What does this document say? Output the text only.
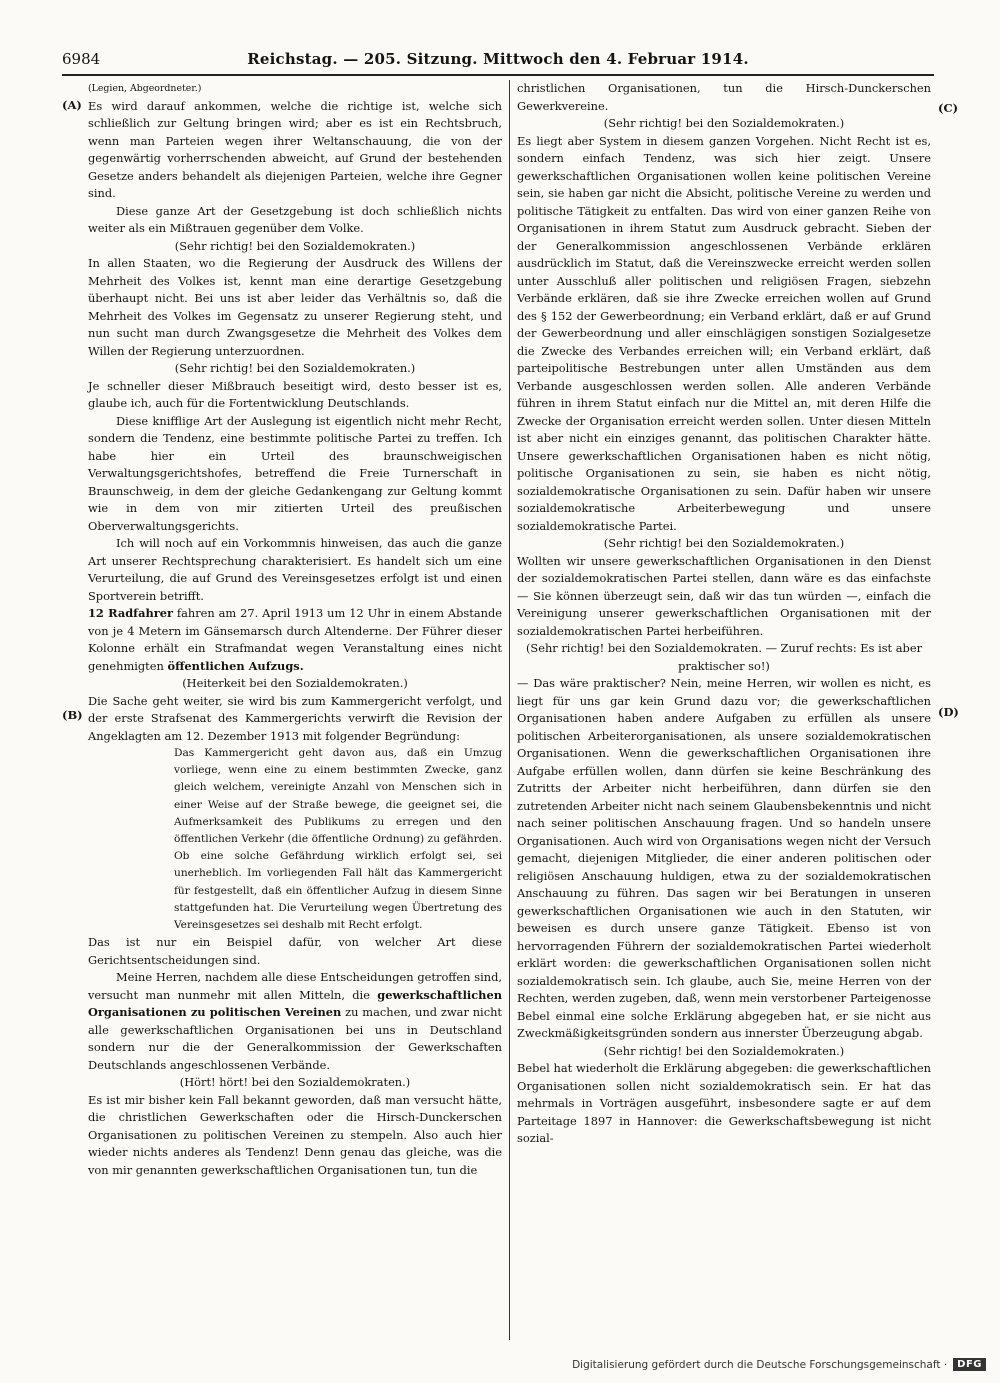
6984	Reichstag. — 205. Sitzung. Mittwoch den 4. Februar 1914.
(A)
(B)
(C)
(D)

(Legien, Abgeordneter.)

Es wird darauf ankommen, welche die richtige ist, welche sich schließlich zur Geltung bringen wird; aber es ist ein Rechtsbruch, wenn man Parteien wegen ihrer Weltanschauung, die von der gegenwärtig vorherrschenden abweicht, auf Grund der bestehenden Gesetze anders behandelt als diejenigen Parteien, welche ihre Gegner sind.

Diese ganze Art der Gesetzgebung ist doch schließlich nichts weiter als ein Mißtrauen gegenüber dem Volke.

(Sehr richtig! bei den Sozialdemokraten.)

In allen Staaten, wo die Regierung der Ausdruck des Willens der Mehrheit des Volkes ist, kennt man eine derartige Gesetzgebung überhaupt nicht. Bei uns ist aber leider das Verhältnis so, daß die Mehrheit des Volkes im Gegensatz zu unserer Regierung steht, und nun sucht man durch Zwangsgesetze die Mehrheit des Volkes dem Willen der Regierung unterzuordnen.

(Sehr richtig! bei den Sozialdemokraten.)

Je schneller dieser Mißbrauch beseitigt wird, desto besser ist es, glaube ich, auch für die Fortentwicklung Deutschlands.

Diese knifflige Art der Auslegung ist eigentlich nicht mehr Recht, sondern die Tendenz, eine bestimmte politische Partei zu treffen. Ich habe hier ein Urteil des braunschweigischen Verwaltungsgerichtshofes, betreffend die Freie Turnerschaft in Braunschweig, in dem der gleiche Gedankengang zur Geltung kommt wie in dem von mir zitierten Urteil des preußischen Oberverwaltungsgerichts.

Ich will noch auf ein Vorkommnis hinweisen, das auch die ganze Art unserer Rechtsprechung charakterisiert. Es handelt sich um eine Verurteilung, die auf Grund des Vereinsgesetzes erfolgt ist und einen Sportverein betrifft.

12 Radfahrer fahren am 27. April 1913 um 12 Uhr in einem Abstande von je 4 Metern im Gänsemarsch durch Altenderne. Der Führer dieser Kolonne erhält ein Strafmandat wegen Veranstaltung eines nicht genehmigten öffentlichen Aufzugs.

(Heiterkeit bei den Sozialdemokraten.)

Die Sache geht weiter, sie wird bis zum Kammergericht verfolgt, und der erste Strafsenat des Kammergerichts verwirft die Revision der Angeklagten am 12. Dezember 1913 mit folgender Begründung:

Das Kammergericht geht davon aus, daß ein Umzug vorliege, wenn eine zu einem bestimmten Zwecke, ganz gleich welchem, vereinigte Anzahl von Menschen sich in einer Weise auf der Straße bewege, die geeignet sei, die Aufmerksamkeit des Publikums zu erregen und den öffentlichen Verkehr (die öffentliche Ordnung) zu gefährden. Ob eine solche Gefährdung wirklich erfolgt sei, sei unerheblich. Im vorliegenden Fall hält das Kammergericht für festgestellt, daß ein öffentlicher Aufzug in diesem Sinne stattgefunden hat. Die Verurteilung wegen Übertretung des Vereinsgesetzes sei deshalb mit Recht erfolgt.

Das ist nur ein Beispiel dafür, von welcher Art diese Gerichtsentscheidungen sind.

Meine Herren, nachdem alle diese Entscheidungen getroffen sind, versucht man nunmehr mit allen Mitteln, die gewerkschaftlichen Organisationen zu politischen Vereinen zu machen, und zwar nicht alle gewerkschaftlichen Organisationen bei uns in Deutschland sondern nur die der Generalkommission der Gewerkschaften Deutschlands angeschlossenen Verbände.

(Hört! hört! bei den Sozialdemokraten.)

Es ist mir bisher kein Fall bekannt geworden, daß man versucht hätte, die christlichen Gewerkschaften oder die Hirsch-Dunckerschen Organisationen zu politischen Vereinen zu stempeln. Also auch hier wieder nichts anderes als Tendenz! Denn genau das gleiche, was die von mir genannten gewerkschaftlichen Organisationen tun, tun die

christlichen Organisationen, tun die Hirsch-Dunckerschen Gewerkvereine.

(Sehr richtig! bei den Sozialdemokraten.)

Es liegt aber System in diesem ganzen Vorgehen. Nicht Recht ist es, sondern einfach Tendenz, was sich hier zeigt. Unsere gewerkschaftlichen Organisationen wollen keine politischen Vereine sein, sie haben gar nicht die Absicht, politische Vereine zu werden und politische Tätigkeit zu entfalten. Das wird von einer ganzen Reihe von Organisationen in ihrem Statut zum Ausdruck gebracht. Sieben der der Generalkommission angeschlossenen Verbände erklären ausdrücklich im Statut, daß die Vereinszwecke erreicht werden sollen unter Ausschluß aller politischen und religiösen Fragen, siebzehn Verbände erklären, daß sie ihre Zwecke erreichen wollen auf Grund des § 152 der Gewerbeordnung; ein Verband erklärt, daß er auf Grund der Gewerbeordnung und aller einschlägigen sonstigen Sozialgesetze die Zwecke des Verbandes erreichen will; ein Verband erklärt, daß parteipolitische Bestrebungen unter allen Umständen aus dem Verbande ausgeschlossen werden sollen. Alle anderen Verbände führen in ihrem Statut einfach nur die Mittel an, mit deren Hilfe die Zwecke der Organisation erreicht werden sollen. Unter diesen Mitteln ist aber nicht ein einziges genannt, das politischen Charakter hätte. Unsere gewerkschaftlichen Organisationen haben es nicht nötig, politische Organisationen zu sein, sie haben es nicht nötig, sozialdemokratische Organisationen zu sein. Dafür haben wir unsere sozialdemokratische Arbeiterbewegung und unsere sozialdemokratische Partei.

(Sehr richtig! bei den Sozialdemokraten.)

Wollten wir unsere gewerkschaftlichen Organisationen in den Dienst der sozialdemokratischen Partei stellen, dann wäre es das einfachste — Sie können überzeugt sein, daß wir das tun würden —, einfach die Vereinigung unserer gewerkschaftlichen Organisationen mit der sozialdemokratischen Partei herbeiführen.

(Sehr richtig! bei den Sozialdemokraten. — Zuruf rechts: Es ist aber praktischer so!)

— Das wäre praktischer? Nein, meine Herren, wir wollen es nicht, es liegt für uns gar kein Grund dazu vor; die gewerkschaftlichen Organisationen haben andere Aufgaben zu erfüllen als unsere politischen Arbeiterorganisationen, als unsere sozialdemokratischen Organisationen. Wenn die gewerkschaftlichen Organisationen ihre Aufgabe erfüllen wollen, dann dürfen sie keine Beschränkung des Zutritts der Arbeiter nicht herbeiführen, dann dürfen sie den zutretenden Arbeiter nicht nach seinem Glaubensbekenntnis und nicht nach seiner politischen Anschauung fragen. Und so handeln unsere Organisationen. Auch wird von Organisations wegen nicht der Versuch gemacht, diejenigen Mitglieder, die einer anderen politischen oder religiösen Anschauung huldigen, etwa zu der sozialdemokratischen Anschauung zu führen. Das sagen wir bei Beratungen in unseren gewerkschaftlichen Organisationen wie auch in den Statuten, wir beweisen es durch unsere ganze Tätigkeit. Ebenso ist von hervorragenden Führern der sozialdemokratischen Partei wiederholt erklärt worden: die gewerkschaftlichen Organisationen sollen nicht sozialdemokratisch sein. Ich glaube, auch Sie, meine Herren von der Rechten, werden zugeben, daß, wenn mein verstorbener Parteigenosse Bebel einmal eine solche Erklärung abgegeben hat, er sie nicht aus Zweckmäßigkeitsgründen sondern aus innerster Überzeugung abgab.

(Sehr richtig! bei den Sozialdemokraten.)

Bebel hat wiederholt die Erklärung abgegeben: die gewerkschaftlichen Organisationen sollen nicht sozialdemokratisch sein. Er hat das mehrmals in Vorträgen ausgeführt, insbesondere sagte er auf dem Parteitage 1897 in Hannover: die Gewerkschaftsbewegung ist nicht sozial-

Digitalisierung gefördert durch die Deutsche Forschungsgemeinschaft ·	DFG
